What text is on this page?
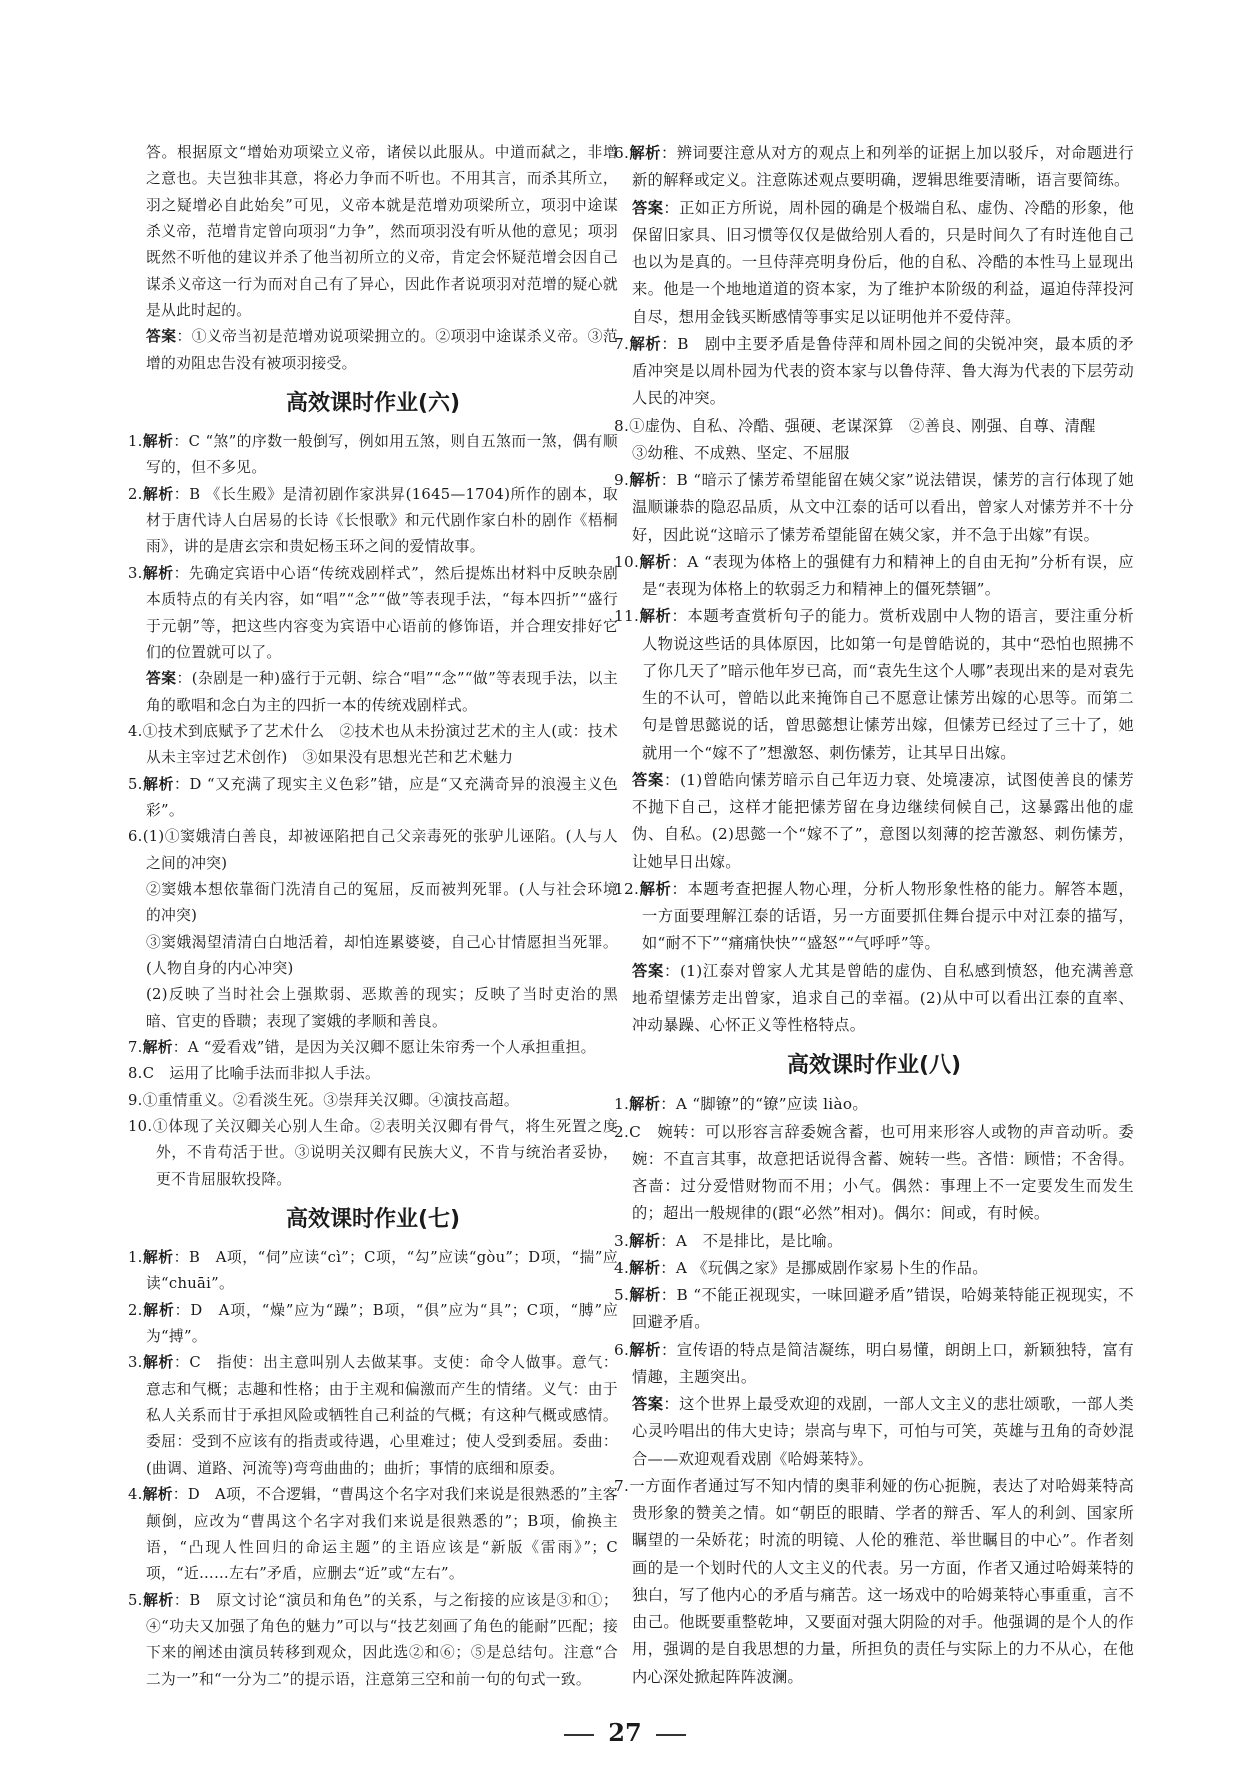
答。根据原文“增始劝项梁立义帝，诸侯以此服从。中道而弑之，非增之意也。夫岂独非其意，将必力争而不听也。不用其言，而杀其所立，羽之疑增必自此始矣”可见，义帝本就是范增劝项梁所立，项羽中途谋杀义帝，范增肯定曾向项羽“力争”，然而项羽没有听从他的意见；项羽既然不听他的建议并杀了他当初所立的义帝，肯定会怀疑范增会因自己谋杀义帝这一行为而对自己有了异心，因此作者说项羽对范增的疑心就是从此时起的。

答案：①义帝当初是范增劝说项梁拥立的。②项羽中途谋杀义帝。③范增的劝阻忠告没有被项羽接受。

高效课时作业(六)

1.解析：C “煞”的序数一般倒写，例如用五煞，则自五煞而一煞，偶有顺写的，但不多见。

2.解析：B 《长生殿》是清初剧作家洪昇(1645—1704)所作的剧本，取材于唐代诗人白居易的长诗《长恨歌》和元代剧作家白朴的剧作《梧桐雨》，讲的是唐玄宗和贵妃杨玉环之间的爱情故事。

3.解析：先确定宾语中心语“传统戏剧样式”，然后提炼出材料中反映杂剧本质特点的有关内容，如“唱”“念”“做”等表现手法，“每本四折”“盛行于元朝”等，把这些内容变为宾语中心语前的修饰语，并合理安排好它们的位置就可以了。

答案：(杂剧是一种)盛行于元朝、综合“唱”“念”“做”等表现手法，以主角的歌唱和念白为主的四折一本的传统戏剧样式。

4.①技术到底赋予了艺术什么　②技术也从未扮演过艺术的主人(或：技术从未主宰过艺术创作)　③如果没有思想光芒和艺术魅力

5.解析：D “又充满了现实主义色彩”错，应是“又充满奇异的浪漫主义色彩”。

6.(1)①窦娥清白善良，却被诬陷把自己父亲毒死的张驴儿诬陷。(人与人之间的冲突)

②窦娥本想依靠衙门洗清自己的冤屈，反而被判死罪。(人与社会环境的冲突)

③窦娥渴望清清白白地活着，却怕连累婆婆，自己心甘情愿担当死罪。(人物自身的内心冲突)

(2)反映了当时社会上强欺弱、恶欺善的现实；反映了当时吏治的黑暗、官吏的昏聩；表现了窦娥的孝顺和善良。

7.解析：A “爱看戏”错，是因为关汉卿不愿让朱帘秀一个人承担重担。

8.C　运用了比喻手法而非拟人手法。

9.①重情重义。②看淡生死。③崇拜关汉卿。④演技高超。

10.①体现了关汉卿关心别人生命。②表明关汉卿有骨气，将生死置之度外，不肯苟活于世。③说明关汉卿有民族大义，不肯与统治者妥协，更不肯屈服软投降。

高效课时作业(七)

1.解析：B　A项，“伺”应读“cì”；C项，“勾”应读“gòu”；D项，“揣”应读“chuāi”。

2.解析：D　A项，“燥”应为“躁”；B项，“俱”应为“具”；C项，“膊”应为“搏”。

3.解析：C　指使：出主意叫别人去做某事。支使：命令人做事。意气：意志和气概；志趣和性格；由于主观和偏激而产生的情绪。义气：由于私人关系而甘于承担风险或牺牲自己利益的气概；有这种气概或感情。委屈：受到不应该有的指责或待遇，心里难过；使人受到委屈。委曲：(曲调、道路、河流等)弯弯曲曲的；曲折；事情的底细和原委。

4.解析：D　A项，不合逻辑，“曹禺这个名字对我们来说是很熟悉的”主客颠倒，应改为“曹禺这个名字对我们来说是很熟悉的”；B项，偷换主语，“凸现人性回归的命运主题”的主语应该是“新版《雷雨》”；C项，“近……左右”矛盾，应删去“近”或“左右”。

5.解析：B　原文讨论“演员和角色”的关系，与之衔接的应该是③和①；④“功夫又加强了角色的魅力”可以与“技艺刻画了角色的能耐”匹配；接下来的阐述由演员转移到观众，因此选②和⑥；⑤是总结句。注意“合二为一”和“一分为二”的提示语，注意第三空和前一句的句式一致。

6.解析：辨词要注意从对方的观点上和列举的证据上加以驳斥，对命题进行新的解释或定义。注意陈述观点要明确，逻辑思维要清晰，语言要简练。

答案：正如正方所说，周朴园的确是个极端自私、虚伪、冷酷的形象，他保留旧家具、旧习惯等仅仅是做给别人看的，只是时间久了有时连他自己也以为是真的。一旦侍萍亮明身份后，他的自私、冷酷的本性马上显现出来。他是一个地地道道的资本家，为了维护本阶级的利益，逼迫侍萍投河自尽，想用金钱买断感情等事实足以证明他并不爱侍萍。

7.解析：B　剧中主要矛盾是鲁侍萍和周朴园之间的尖锐冲突，最本质的矛盾冲突是以周朴园为代表的资本家与以鲁侍萍、鲁大海为代表的下层劳动人民的冲突。

8.①虚伪、自私、冷酷、强硬、老谋深算　②善良、刚强、自尊、清醒

③幼稚、不成熟、坚定、不屈服

9.解析：B “暗示了愫芳希望能留在姨父家”说法错误，愫芳的言行体现了她温顺谦恭的隐忍品质，从文中江泰的话可以看出，曾家人对愫芳并不十分好，因此说“这暗示了愫芳希望能留在姨父家，并不急于出嫁”有误。

10.解析：A “表现为体格上的强健有力和精神上的自由无拘”分析有误，应是“表现为体格上的软弱乏力和精神上的僵死禁锢”。

11.解析：本题考查赏析句子的能力。赏析戏剧中人物的语言，要注重分析人物说这些话的具体原因，比如第一句是曾皓说的，其中“恐怕也照拂不了你几天了”暗示他年岁已高，而“袁先生这个人哪”表现出来的是对袁先生的不认可，曾皓以此来掩饰自己不愿意让愫芳出嫁的心思等。而第二句是曾思懿说的话，曾思懿想让愫芳出嫁，但愫芳已经过了三十了，她就用一个“嫁不了”想激怒、刺伤愫芳，让其早日出嫁。

答案：(1)曾皓向愫芳暗示自己年迈力衰、处境凄凉，试图使善良的愫芳不抛下自己，这样才能把愫芳留在身边继续伺候自己，这暴露出他的虚伪、自私。(2)思懿一个“嫁不了”，意图以刻薄的挖苦激怒、刺伤愫芳，让她早日出嫁。

12.解析：本题考查把握人物心理，分析人物形象性格的能力。解答本题，一方面要理解江泰的话语，另一方面要抓住舞台提示中对江泰的描写，如“耐不下”“痛痛快快”“盛怒”“气呼呼”等。

答案：(1)江泰对曾家人尤其是曾皓的虚伪、自私感到愤怒，他充满善意地希望愫芳走出曾家，追求自己的幸福。(2)从中可以看出江泰的直率、冲动暴躁、心怀正义等性格特点。

高效课时作业(八)

1.解析：A “脚镣”的“镣”应读 liào。

2.C　婉转：可以形容言辞委婉含蓄，也可用来形容人或物的声音动听。委婉：不直言其事，故意把话说得含蓄、婉转一些。吝惜：顾惜；不舍得。吝啬：过分爱惜财物而不用；小气。偶然：事理上不一定要发生而发生的；超出一般规律的(跟“必然”相对)。偶尔：间或，有时候。

3.解析：A　不是排比，是比喻。

4.解析：A 《玩偶之家》是挪威剧作家易卜生的作品。

5.解析：B “不能正视现实，一味回避矛盾”错误，哈姆莱特能正视现实，不回避矛盾。

6.解析：宣传语的特点是简洁凝练，明白易懂，朗朗上口，新颖独特，富有情趣，主题突出。

答案：这个世界上最受欢迎的戏剧，一部人文主义的悲壮颂歌，一部人类心灵吟唱出的伟大史诗；崇高与卑下，可怕与可笑，英雄与丑角的奇妙混合——欢迎观看戏剧《哈姆莱特》。

7.一方面作者通过写不知内情的奥菲利娅的伤心扼腕，表达了对哈姆莱特高贵形象的赞美之情。如“朝臣的眼睛、学者的辩舌、军人的利剑、国家所瞩望的一朵娇花；时流的明镜、人伦的雅范、举世瞩目的中心”。作者刻画的是一个划时代的人文主义的代表。另一方面，作者又通过哈姆莱特的独白，写了他内心的矛盾与痛苦。这一场戏中的哈姆莱特心事重重，言不由己。他既要重整乾坤，又要面对强大阴险的对手。他强调的是个人的作用，强调的是自我思想的力量，所担负的责任与实际上的力不从心，在他内心深处掀起阵阵波澜。

27
